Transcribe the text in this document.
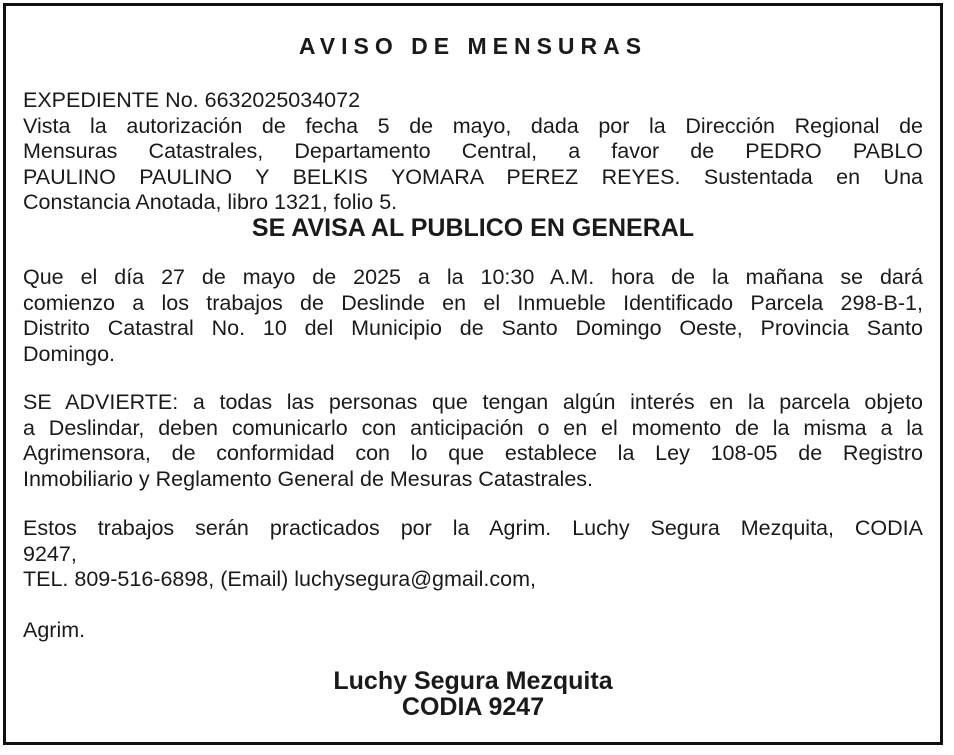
AVISO DE MENSURAS
EXPEDIENTE No. 6632025034072
Vista la autorización de fecha 5 de mayo, dada por la Dirección Regional de
Mensuras Catastrales, Departamento Central, a favor de PEDRO PABLO
PAULINO PAULINO Y BELKIS YOMARA PEREZ REYES. Sustentada en Una
Constancia Anotada, libro 1321, folio 5.
SE AVISA AL PUBLICO EN GENERAL
Que el día 27 de mayo de 2025 a la 10:30 A.M. hora de la mañana se dará
comienzo a los trabajos de Deslinde en el Inmueble Identificado Parcela 298-B-1,
Distrito Catastral No. 10 del Municipio de Santo Domingo Oeste, Provincia Santo
Domingo.
SE ADVIERTE: a todas las personas que tengan algún interés en la parcela objeto
a Deslindar, deben comunicarlo con anticipación o en el momento de la misma a la
Agrimensora, de conformidad con lo que establece la Ley 108-05 de Registro
Inmobiliario y Reglamento General de Mesuras Catastrales.
Estos trabajos serán practicados por la Agrim. Luchy Segura Mezquita, CODIA
9247,
TEL. 809-516-6898, (Email) luchysegura@gmail.com,
Agrim.
Luchy Segura Mezquita
CODIA 9247
